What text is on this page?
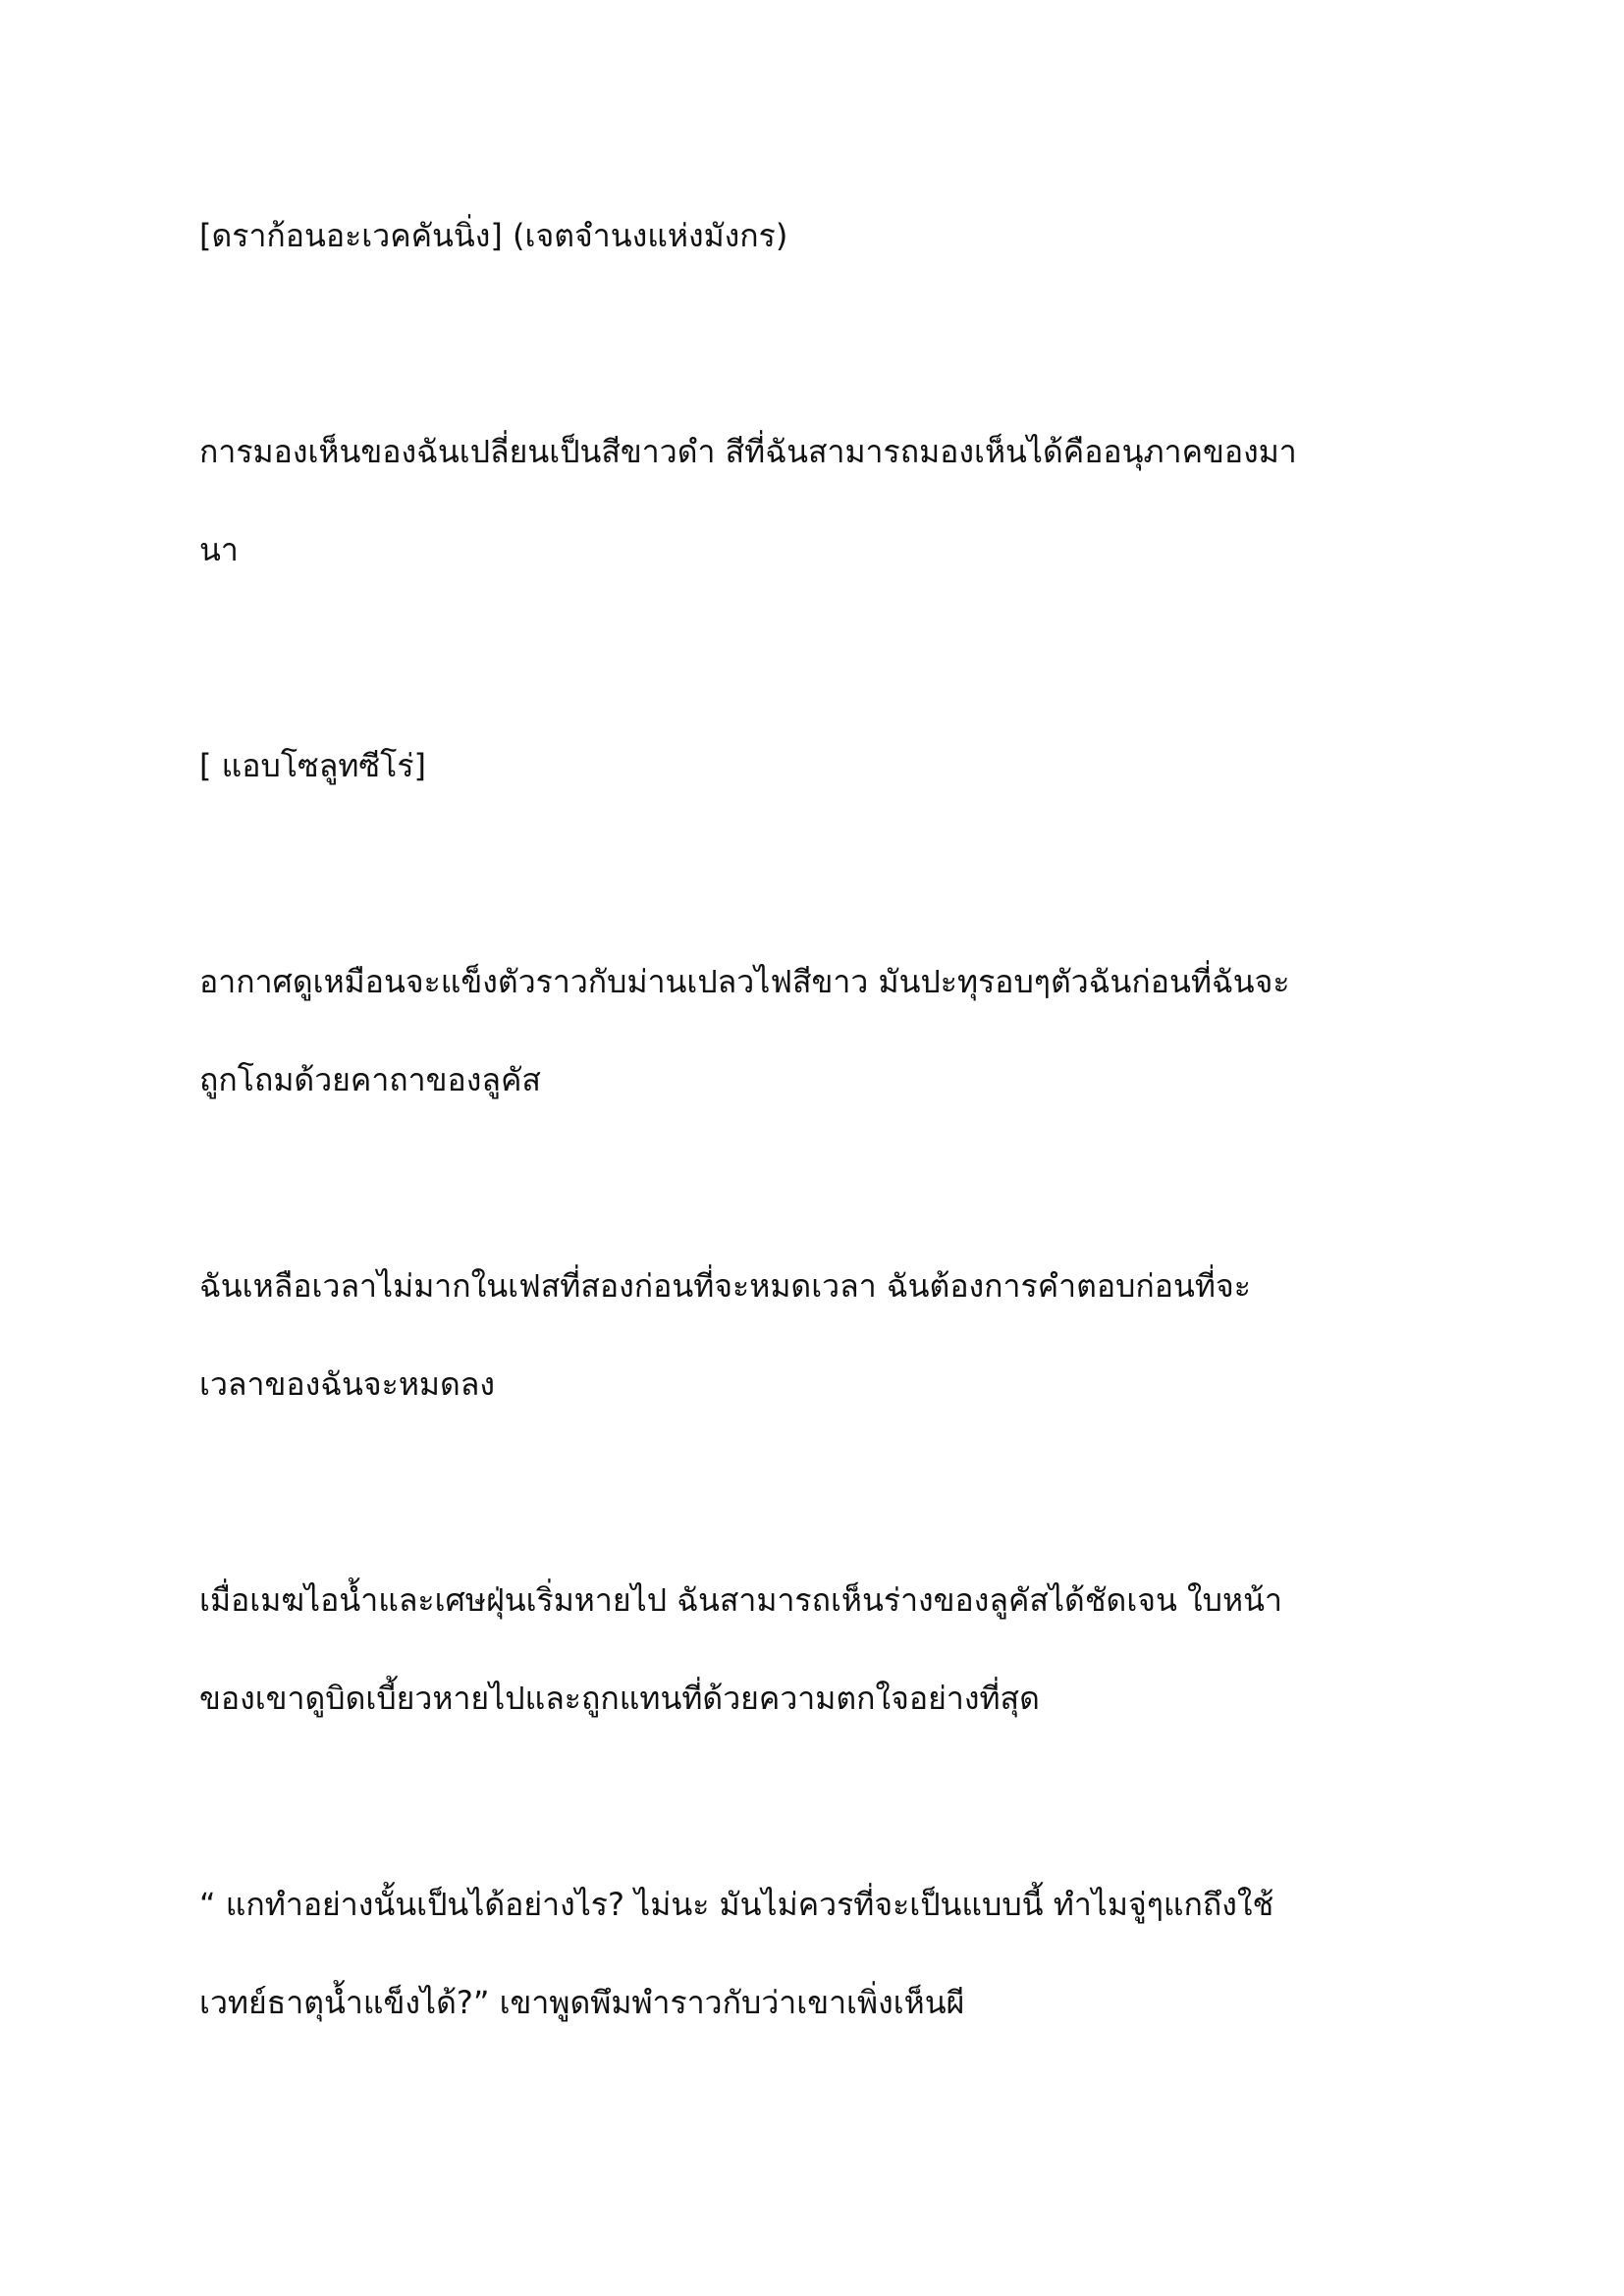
[ดราก้อนอะเวคคันนิ่ง] (เจตจำนงแห่งมังกร)

การมองเห็นของฉันเปลี่ยนเป็นสีขาวดำ สีที่ฉันสามารถมองเห็นได้คืออนุภาคของมา
นา

[ แอบโซลูทซีโร่]

อากาศดูเหมือนจะแข็งตัวราวกับม่านเปลวไฟสีขาว มันปะทุรอบๆตัวฉันก่อนที่ฉันจะ
ถูกโถมด้วยคาถาของลูคัส

ฉันเหลือเวลาไม่มากในเฟสที่สองก่อนที่จะหมดเวลา ฉันต้องการคำตอบก่อนที่จะ
เวลาของฉันจะหมดลง

เมื่อเมฆไอน้ำและเศษฝุ่นเริ่มหายไป ฉันสามารถเห็นร่างของลูคัสได้ชัดเจน ใบหน้า
ของเขาดูบิดเบี้ยวหายไปและถูกแทนที่ด้วยความตกใจอย่างที่สุด

“ แกทำอย่างนั้นเป็นได้อย่างไร? ไม่นะ มันไม่ควรที่จะเป็นแบบนี้ ทำไมจู่ๆแกถึงใช้
เวทย์ธาตุน้ำแข็งได้?” เขาพูดพึมพำราวกับว่าเขาเพิ่งเห็นผี
